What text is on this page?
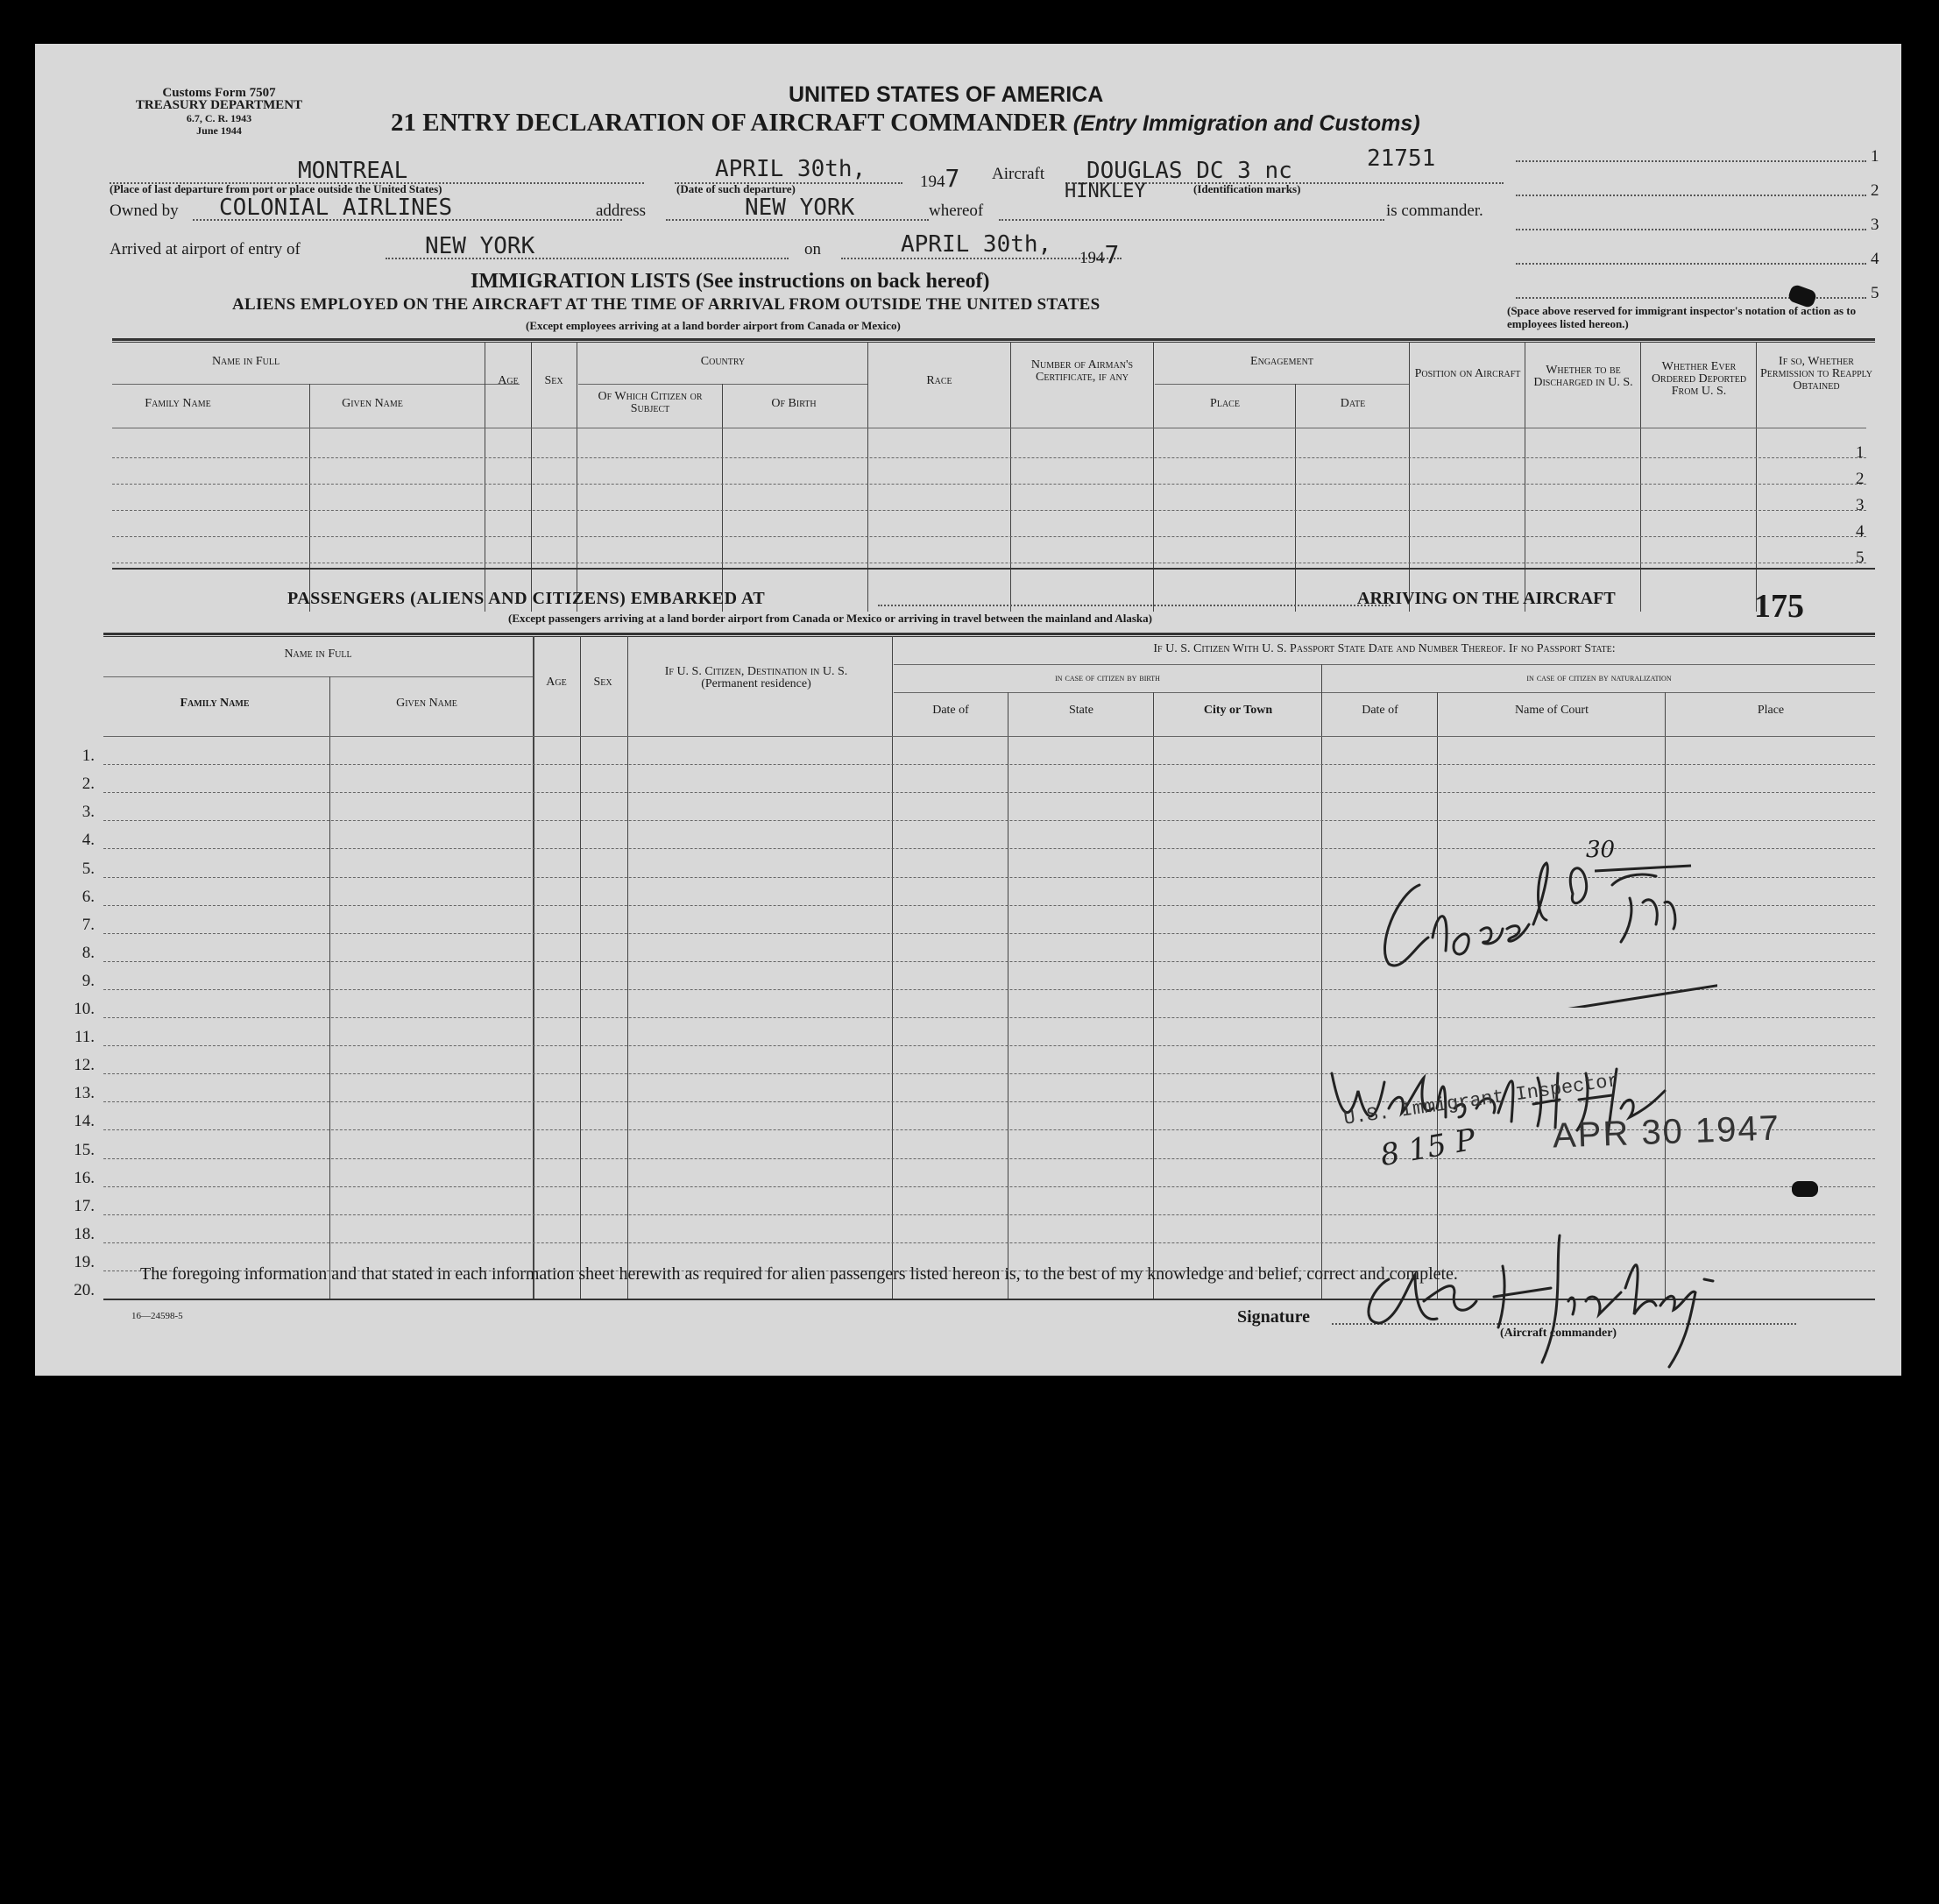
Customs Form 7507
TREASURY DEPARTMENT
6.7, C. R. 1943
June 1944
UNITED STATES OF AMERICA
21 ENTRY DECLARATION OF AIRCRAFT COMMANDER (Entry Immigration and Customs)
1
2
3
4
5
(Space above reserved for immigrant inspector's notation of action as to employees listed hereon.)
MONTREAL
(Place of last departure from port or place outside the United States)
APRIL 30th,	1947
(Date of such departure)
Aircraft DOUGLAS DC 3 nc	21751
(Identification marks)
HINKLEY
Owned by COLONIAL AIRLINES	address	NEW YORK	whereof	is commander.
Arrived at airport of entry of	NEW YORK	on	APRIL 30th,
1947
IMMIGRATION LISTS (See instructions on back hereof)
ALIENS EMPLOYED ON THE AIRCRAFT AT THE TIME OF ARRIVAL FROM OUTSIDE THE UNITED STATES
(Except employees arriving at a land border airport from Canada or Mexico)
Name in Full
Family Name	Given Name
Age	Sex
Country
Of Which Citizen or Subject	Of Birth
Race
Number of Airman's Certificate, if any
Engagement
Place	Date
Position on Aircraft	Whether to be Discharged in U. S.
Whether Ever Ordered Deported From U. S.
If so, Whether Permission to Reapply Obtained
1
2
3
4
5
PASSENGERS (ALIENS AND CITIZENS) EMBARKED AT	ARRIVING ON THE AIRCRAFT	175
(Except passengers arriving at a land border airport from Canada or Mexico or arriving in travel between the mainland and Alaska)
Name in Full
Family Name	Given Name
Age	Sex
If U. S. Citizen, Destination in U. S.
(Permanent residence)
If U. S. Citizen With U. S. Passport State Date and Number Thereof. If no Passport State:
in case of citizen by birth	in case of citizen by naturalization
Date of	State	City or Town	Date of	Name of Court	Place
1.
2.
3.
4.
5.
6.
7.
8.
9.
10.
11.
12.
13.
14.
15.
16.
17.
18.
19.
20.
30
U.S. Immigrant Inspector
APR 30 1947
8 15 P
The foregoing information and that stated in each information sheet herewith as required for alien passengers listed hereon is, to the best of my knowledge and belief, correct and complete.
16—24598-5	Signature
(Aircraft commander)
